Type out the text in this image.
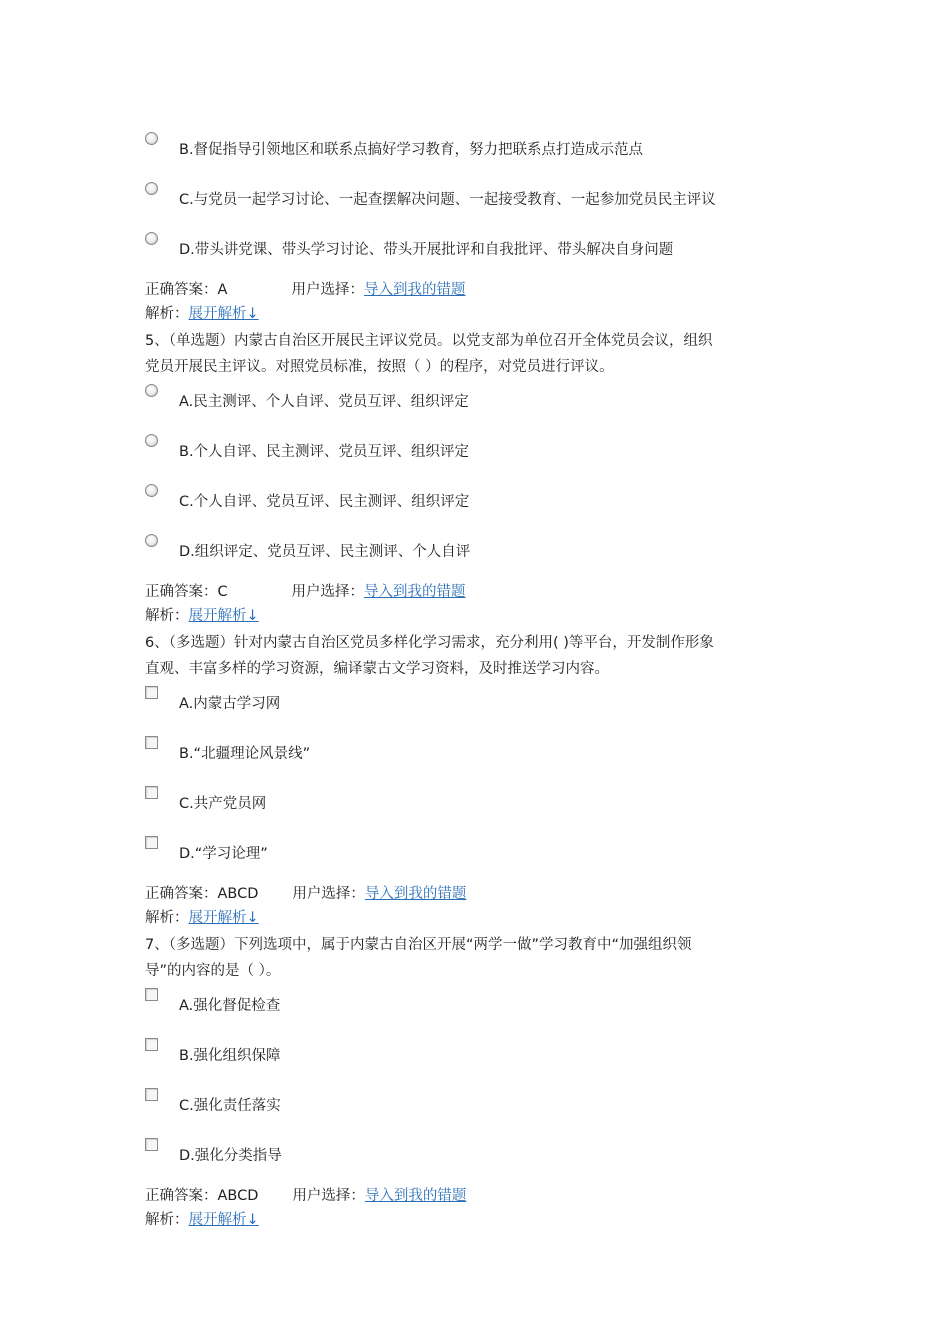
B.督促指导引领地区和联系点搞好学习教育，努力把联系点打造成示范点
C.与党员一起学习讨论、一起查摆解决问题、一起接受教育、一起参加党员民主评议
D.带头讲党课、带头学习讨论、带头开展批评和自我批评、带头解决自身问题
正确答案：A	用户选择：导入到我的错题
解析：展开解析↓
5、（单选题）内蒙古自治区开展民主评议党员。以党支部为单位召开全体党员会议，组织
党员开展民主评议。对照党员标准，按照（ ）的程序，对党员进行评议。
A.民主测评、个人自评、党员互评、组织评定
B.个人自评、民主测评、党员互评、组织评定
C.个人自评、党员互评、民主测评、组织评定
D.组织评定、党员互评、民主测评、个人自评
正确答案：C	用户选择：导入到我的错题
解析：展开解析↓
6、（多选题）针对内蒙古自治区党员多样化学习需求，充分利用( )等平台，开发制作形象
直观、丰富多样的学习资源，编译蒙古文学习资料，及时推送学习内容。
A.内蒙古学习网
B.“北疆理论风景线”
C.共产党员网
D.“学习论理”
正确答案：ABCD 用户选择：导入到我的错题
解析：展开解析↓
7、（多选题）下列选项中，属于内蒙古自治区开展“两学一做”学习教育中“加强组织领
导”的内容的是（ ）。
A.强化督促检查
B.强化组织保障
C.强化责任落实
D.强化分类指导
正确答案：ABCD 用户选择：导入到我的错题
解析：展开解析↓
